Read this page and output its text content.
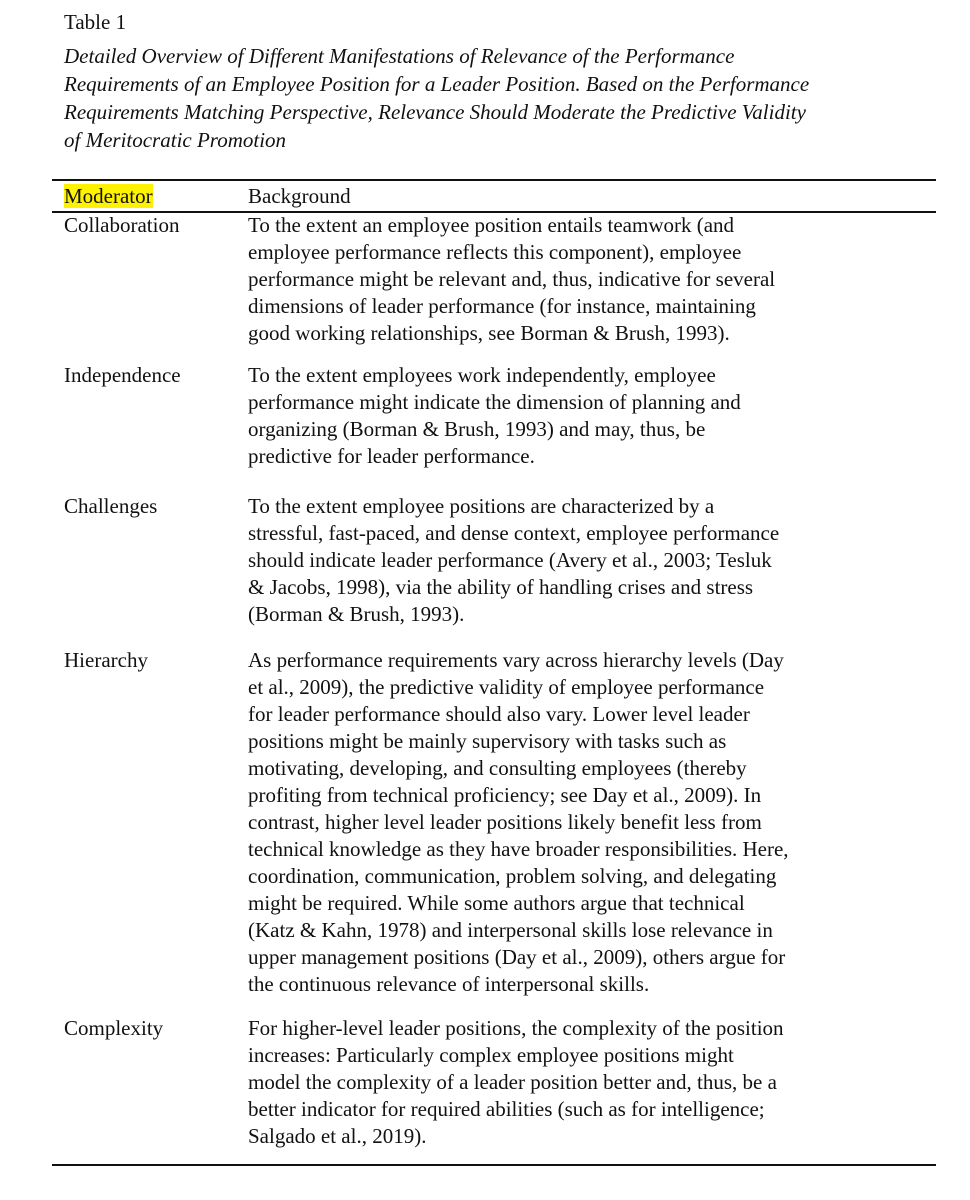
Table 1
Detailed Overview of Different Manifestations of Relevance of the Performance
Requirements of an Employee Position for a Leader Position. Based on the Performance
Requirements Matching Perspective, Relevance Should Moderate the Predictive Validity
of Meritocratic Promotion
Moderator	Background
Collaboration	To the extent an employee position entails teamwork (and
employee performance reflects this component), employee
performance might be relevant and, thus, indicative for several
dimensions of leader performance (for instance, maintaining
good working relationships, see Borman & Brush, 1993).
Independence	To the extent employees work independently, employee
performance might indicate the dimension of planning and
organizing (Borman & Brush, 1993) and may, thus, be
predictive for leader performance.
Challenges	To the extent employee positions are characterized by a
stressful, fast-paced, and dense context, employee performance
should indicate leader performance (Avery et al., 2003; Tesluk
& Jacobs, 1998), via the ability of handling crises and stress
(Borman & Brush, 1993).
Hierarchy	As performance requirements vary across hierarchy levels (Day
et al., 2009), the predictive validity of employee performance
for leader performance should also vary. Lower level leader
positions might be mainly supervisory with tasks such as
motivating, developing, and consulting employees (thereby
profiting from technical proficiency; see Day et al., 2009). In
contrast, higher level leader positions likely benefit less from
technical knowledge as they have broader responsibilities. Here,
coordination, communication, problem solving, and delegating
might be required. While some authors argue that technical
(Katz & Kahn, 1978) and interpersonal skills lose relevance in
upper management positions (Day et al., 2009), others argue for
the continuous relevance of interpersonal skills.
Complexity	For higher-level leader positions, the complexity of the position
increases: Particularly complex employee positions might
model the complexity of a leader position better and, thus, be a
better indicator for required abilities (such as for intelligence;
Salgado et al., 2019).
